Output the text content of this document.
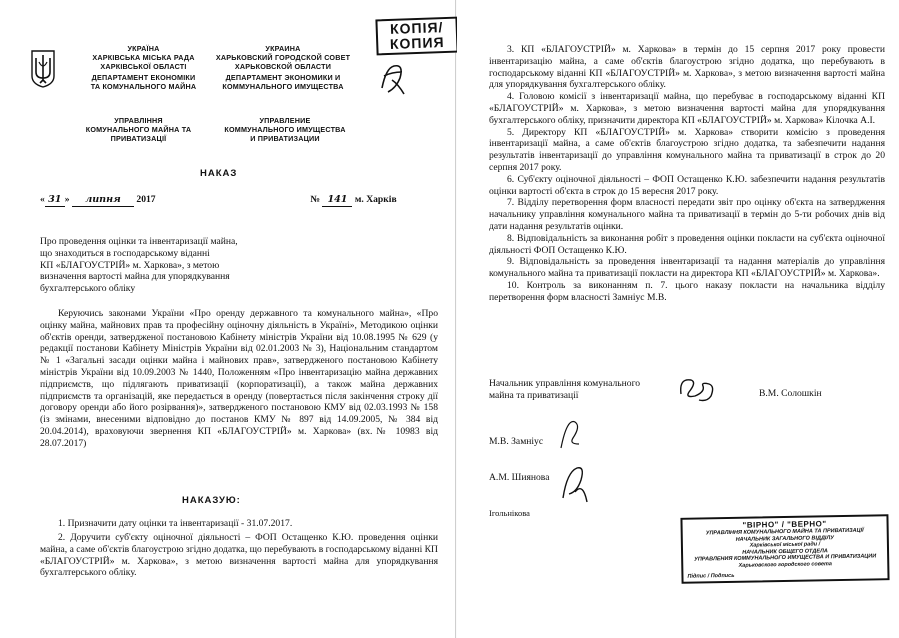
УКРАЇНА
ХАРКІВСЬКА МІСЬКА РАДА
ХАРКІВСЬКОЇ ОБЛАСТІ
ДЕПАРТАМЕНТ ЕКОНОМІКИ
ТА КОМУНАЛЬНОГО МАЙНА
УПРАВЛІННЯ
КОМУНАЛЬНОГО МАЙНА ТА
ПРИВАТИЗАЦІЇ
УКРАИНА
ХАРЬКОВСКИЙ ГОРОДСКОЙ СОВЕТ
ХАРЬКОВСКОЙ ОБЛАСТИ
ДЕПАРТАМЕНТ ЭКОНОМИКИ И
КОММУНАЛЬНОГО ИМУЩЕСТВА
УПРАВЛЕНИЕ
КОММУНАЛЬНОГО ИМУЩЕСТВА
И ПРИВАТИЗАЦИИ
КОПІЯ/
КОПИЯ
НАКАЗ
« 31 » липня 2017	№ 141 м. Харків
Про проведення оцінки та інвентаризації майна,
що знаходиться в господарському віданні
КП «БЛАГОУСТРІЙ» м. Харкова», з метою
визначення вартості майна для упорядкування
бухгалтерського обліку
Керуючись законами України «Про оренду державного та комунального майна», «Про оцінку майна, майнових прав та професійну оціночну діяльність в Україні», Методикою оцінки об'єктів оренди, затвердженої постановою Кабінету міністрів України від 10.08.1995 № 629 (у редакції постанови Кабінету Міністрів України від 02.01.2003 № 3), Національним стандартом № 1 «Загальні засади оцінки майна і майнових прав», затвердженого постановою Кабінету міністрів України від 10.09.2003 № 1440, Положенням «Про інвентаризацію майна державних підприємств, що підлягають приватизації (корпоратизації), а також майна державних підприємств та організацій, яке передається в оренду (повертається після закінчення строку дії договору оренди або його розірвання)», затвердженого постановою КМУ від 02.03.1993 № 158 (із змінами, внесеними відповідно до постанов КМУ № 897 від 14.09.2005, № 384 від 20.04.2014), враховуючи звернення КП «БЛАГОУСТРІЙ» м. Харкова» (вх.№ 10983 від 28.07.2017)
НАКАЗУЮ:
1. Призначити дату оцінки та інвентаризації - 31.07.2017.
2. Доручити суб'єкту оціночної діяльності – ФОП Остащенко К.Ю. проведення оцінки майна, а саме об'єктів благоустрою згідно додатка, що перебувають в господарському віданні КП «БЛАГОУСТРІЙ» м. Харкова», з метою визначення вартості майна для упорядкування бухгалтерського обліку.
3. КП «БЛАГОУСТРІЙ» м. Харкова» в термін до 15 серпня 2017 року провести інвентаризацію майна, а саме об'єктів благоустрою згідно додатка, що перебувають в господарському віданні КП «БЛАГОУСТРІЙ» м. Харкова», з метою визначення вартості майна для упорядкування бухгалтерського обліку.
4. Головою комісії з інвентаризації майна, що перебуває в господарському віданні КП «БЛАГОУСТРІЙ» м. Харкова», з метою визначення вартості майна для упорядкування бухгалтерського обліку, призначити директора КП «БЛАГОУСТРІЙ» м. Харкова» Кілочка А.І.
5. Директору КП «БЛАГОУСТРІЙ» м. Харкова» створити комісію з проведення інвентаризації майна, а саме об'єктів благоустрою згідно додатка, та забезпечити надання результатів інвентаризації до управління комунального майна та приватизації в строк до 20 серпня 2017 року.
6. Суб'єкту оціночної діяльності – ФОП Остащенко К.Ю. забезпечити надання результатів оцінки вартості об'єкта в строк до 15 вересня 2017 року.
7. Відділу перетворення форм власності передати звіт про оцінку об'єкта на затвердження начальнику управління комунального майна та приватизації в термін до 5-ти робочих днів від дати надання результатів оцінки.
8. Відповідальність за виконання робіт з проведення оцінки покласти на суб'єкта оціночної діяльності ФОП Остащенко К.Ю.
9. Відповідальність за проведення інвентаризації та надання матеріалів до управління комунального майна та приватизації покласти на директора КП «БЛАГОУСТРІЙ» м. Харкова».
10. Контроль за виконанням п. 7. цього наказу покласти на начальника відділу перетворення форм власності Замніус М.В.
Начальник управління комунального
майна та приватизації	В.М. Солошкін
М.В. Замніус
А.М. Шиянова
Ігольнікова
"ВІРНО" / "ВЕРНО"
УПРАВЛІННЯ КОМУНАЛЬНОГО МАЙНА ТА ПРИВАТИЗАЦІЇ
НАЧАЛЬНИК ЗАГАЛЬНОГО ВІДДІЛУ
Харківської міської ради /
НАЧАЛЬНИК ОБЩЕГО ОТДЕЛА
УПРАВЛЕНИЯ КОММУНАЛЬНОГО ИМУЩЕСТВА И ПРИВАТИЗАЦИИ
Харьковского городского совета
Підпис / Подпись
